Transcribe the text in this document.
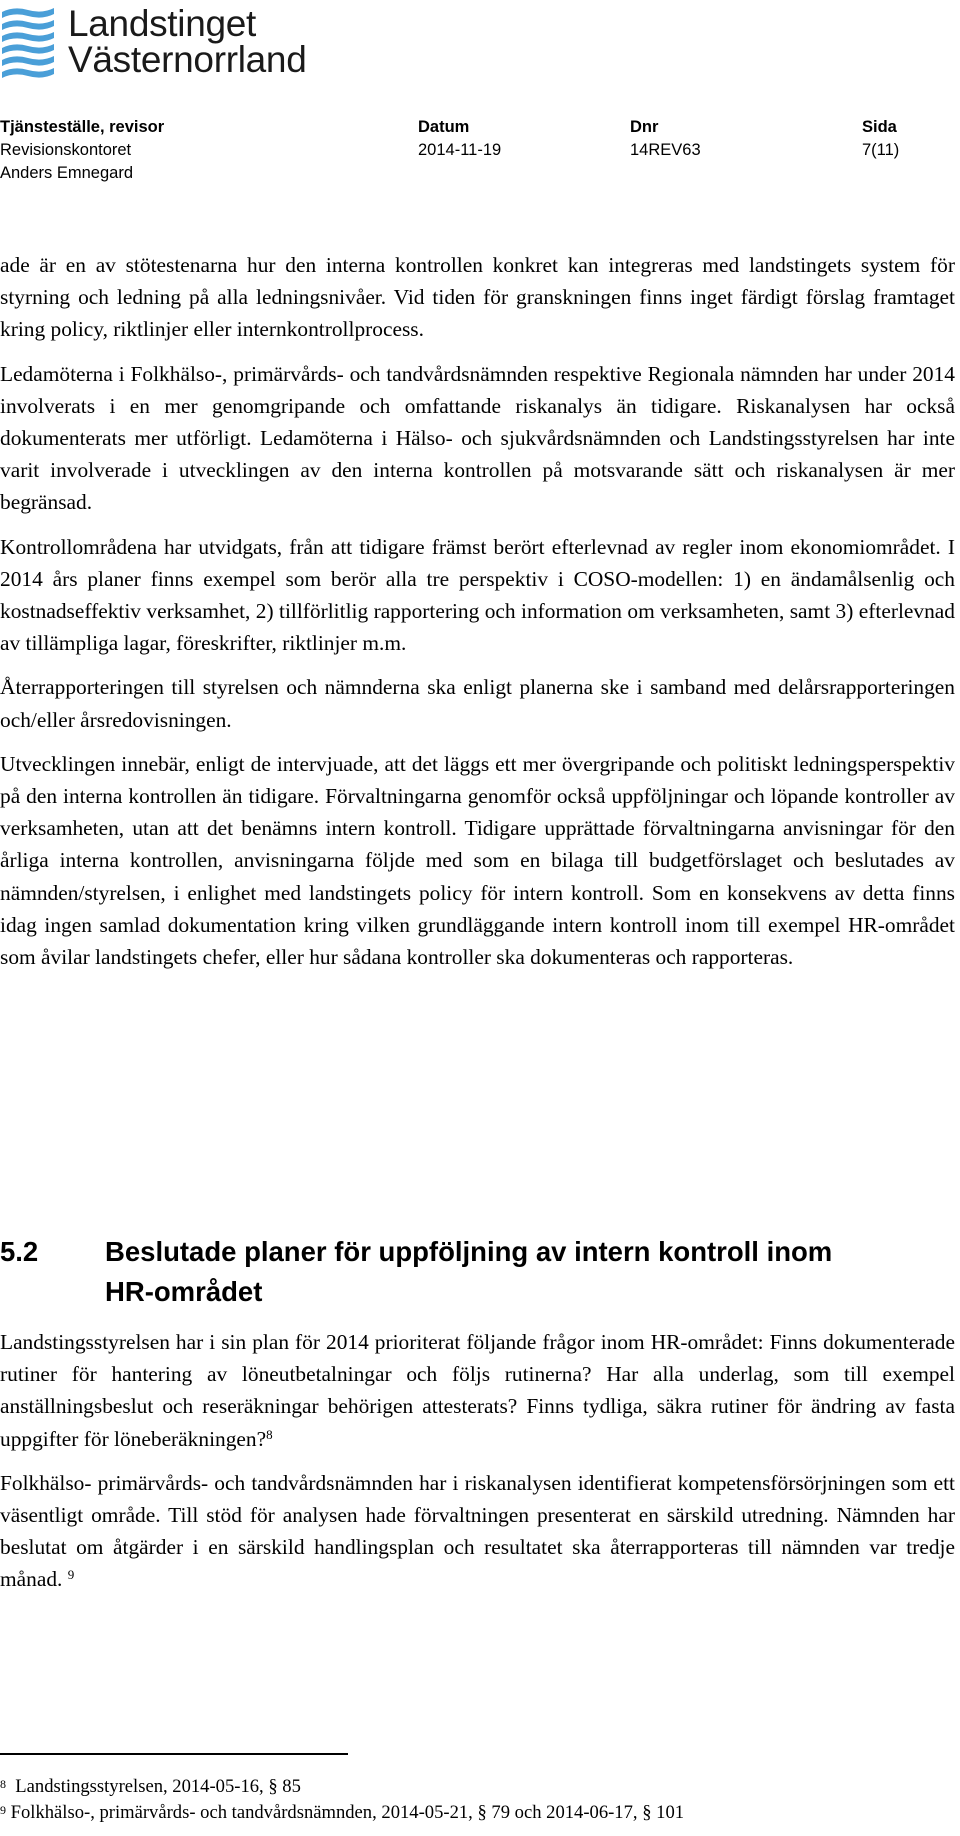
Landstinget
Västernorrland
Tjänsteställe, revisor
Revisionskontoret
Anders Emnegard
Datum
2014-11-19
Dnr
14REV63
Sida
7(11)

ade är en av stötestenarna hur den interna kontrollen konkret kan integreras med landstingets system för styrning och ledning på alla ledningsnivåer. Vid tiden för granskningen finns inget färdigt förslag framtaget kring policy, riktlinjer eller internkontrollprocess.

Ledamöterna i Folkhälso-, primärvårds- och tandvårdsnämnden respektive Regionala nämnden har under 2014 involverats i en mer genomgripande och omfattande riskanalys än tidigare. Riskanalysen har också dokumenterats mer utförligt. Ledamöterna i Hälso- och sjukvårdsnämnden och Landstingsstyrelsen har inte varit involverade i utvecklingen av den interna kontrollen på motsvarande sätt och riskanalysen är mer begränsad.

Kontrollområdena har utvidgats, från att tidigare främst berört efterlevnad av regler inom ekonomiområdet. I 2014 års planer finns exempel som berör alla tre perspektiv i COSO-modellen: 1) en ändamålsenlig och kostnadseffektiv verksamhet, 2) tillförlitlig rapportering och information om verksamheten, samt 3) efterlevnad av tillämpliga lagar, föreskrifter, riktlinjer m.m.

Återrapporteringen till styrelsen och nämnderna ska enligt planerna ske i samband med delårsrapporteringen och/eller årsredovisningen.

Utvecklingen innebär, enligt de intervjuade, att det läggs ett mer övergripande och politiskt ledningsperspektiv på den interna kontrollen än tidigare. Förvaltningarna genomför också uppföljningar och löpande kontroller av verksamheten, utan att det benämns intern kontroll. Tidigare upprättade förvaltningarna anvisningar för den årliga interna kontrollen, anvisningarna följde med som en bilaga till budgetförslaget och beslutades av nämnden/styrelsen, i enlighet med landstingets policy för intern kontroll. Som en konsekvens av detta finns idag ingen samlad dokumentation kring vilken grundläggande intern kontroll inom till exempel HR-området som åvilar landstingets chefer, eller hur sådana kontroller ska dokumenteras och rapporteras.

5.2 Beslutade planer för uppföljning av intern kontroll inom HR-området

Landstingsstyrelsen har i sin plan för 2014 prioriterat följande frågor inom HR-området: Finns dokumenterade rutiner för hantering av löneutbetalningar och följs rutinerna? Har alla underlag, som till exempel anställningsbeslut och reseräkningar behörigen attesterats? Finns tydliga, säkra rutiner för ändring av fasta uppgifter för löneberäkningen?$^8$

Folkhälso- primärvårds- och tandvårdsnämnden har i riskanalysen identifierat kompetensförsörjningen som ett väsentligt område. Till stöd för analysen hade förvaltningen presenterat en särskild utredning. Nämnden har beslutat om åtgärder i en särskild handlingsplan och resultatet ska återrapporteras till nämnden var tredje månad. $^9$

$^8$ Landstingsstyrelsen, 2014-05-16, § 85
$^9$ Folkhälso-, primärvårds- och tandvårdsnämnden, 2014-05-21, § 79 och 2014-06-17, § 101
